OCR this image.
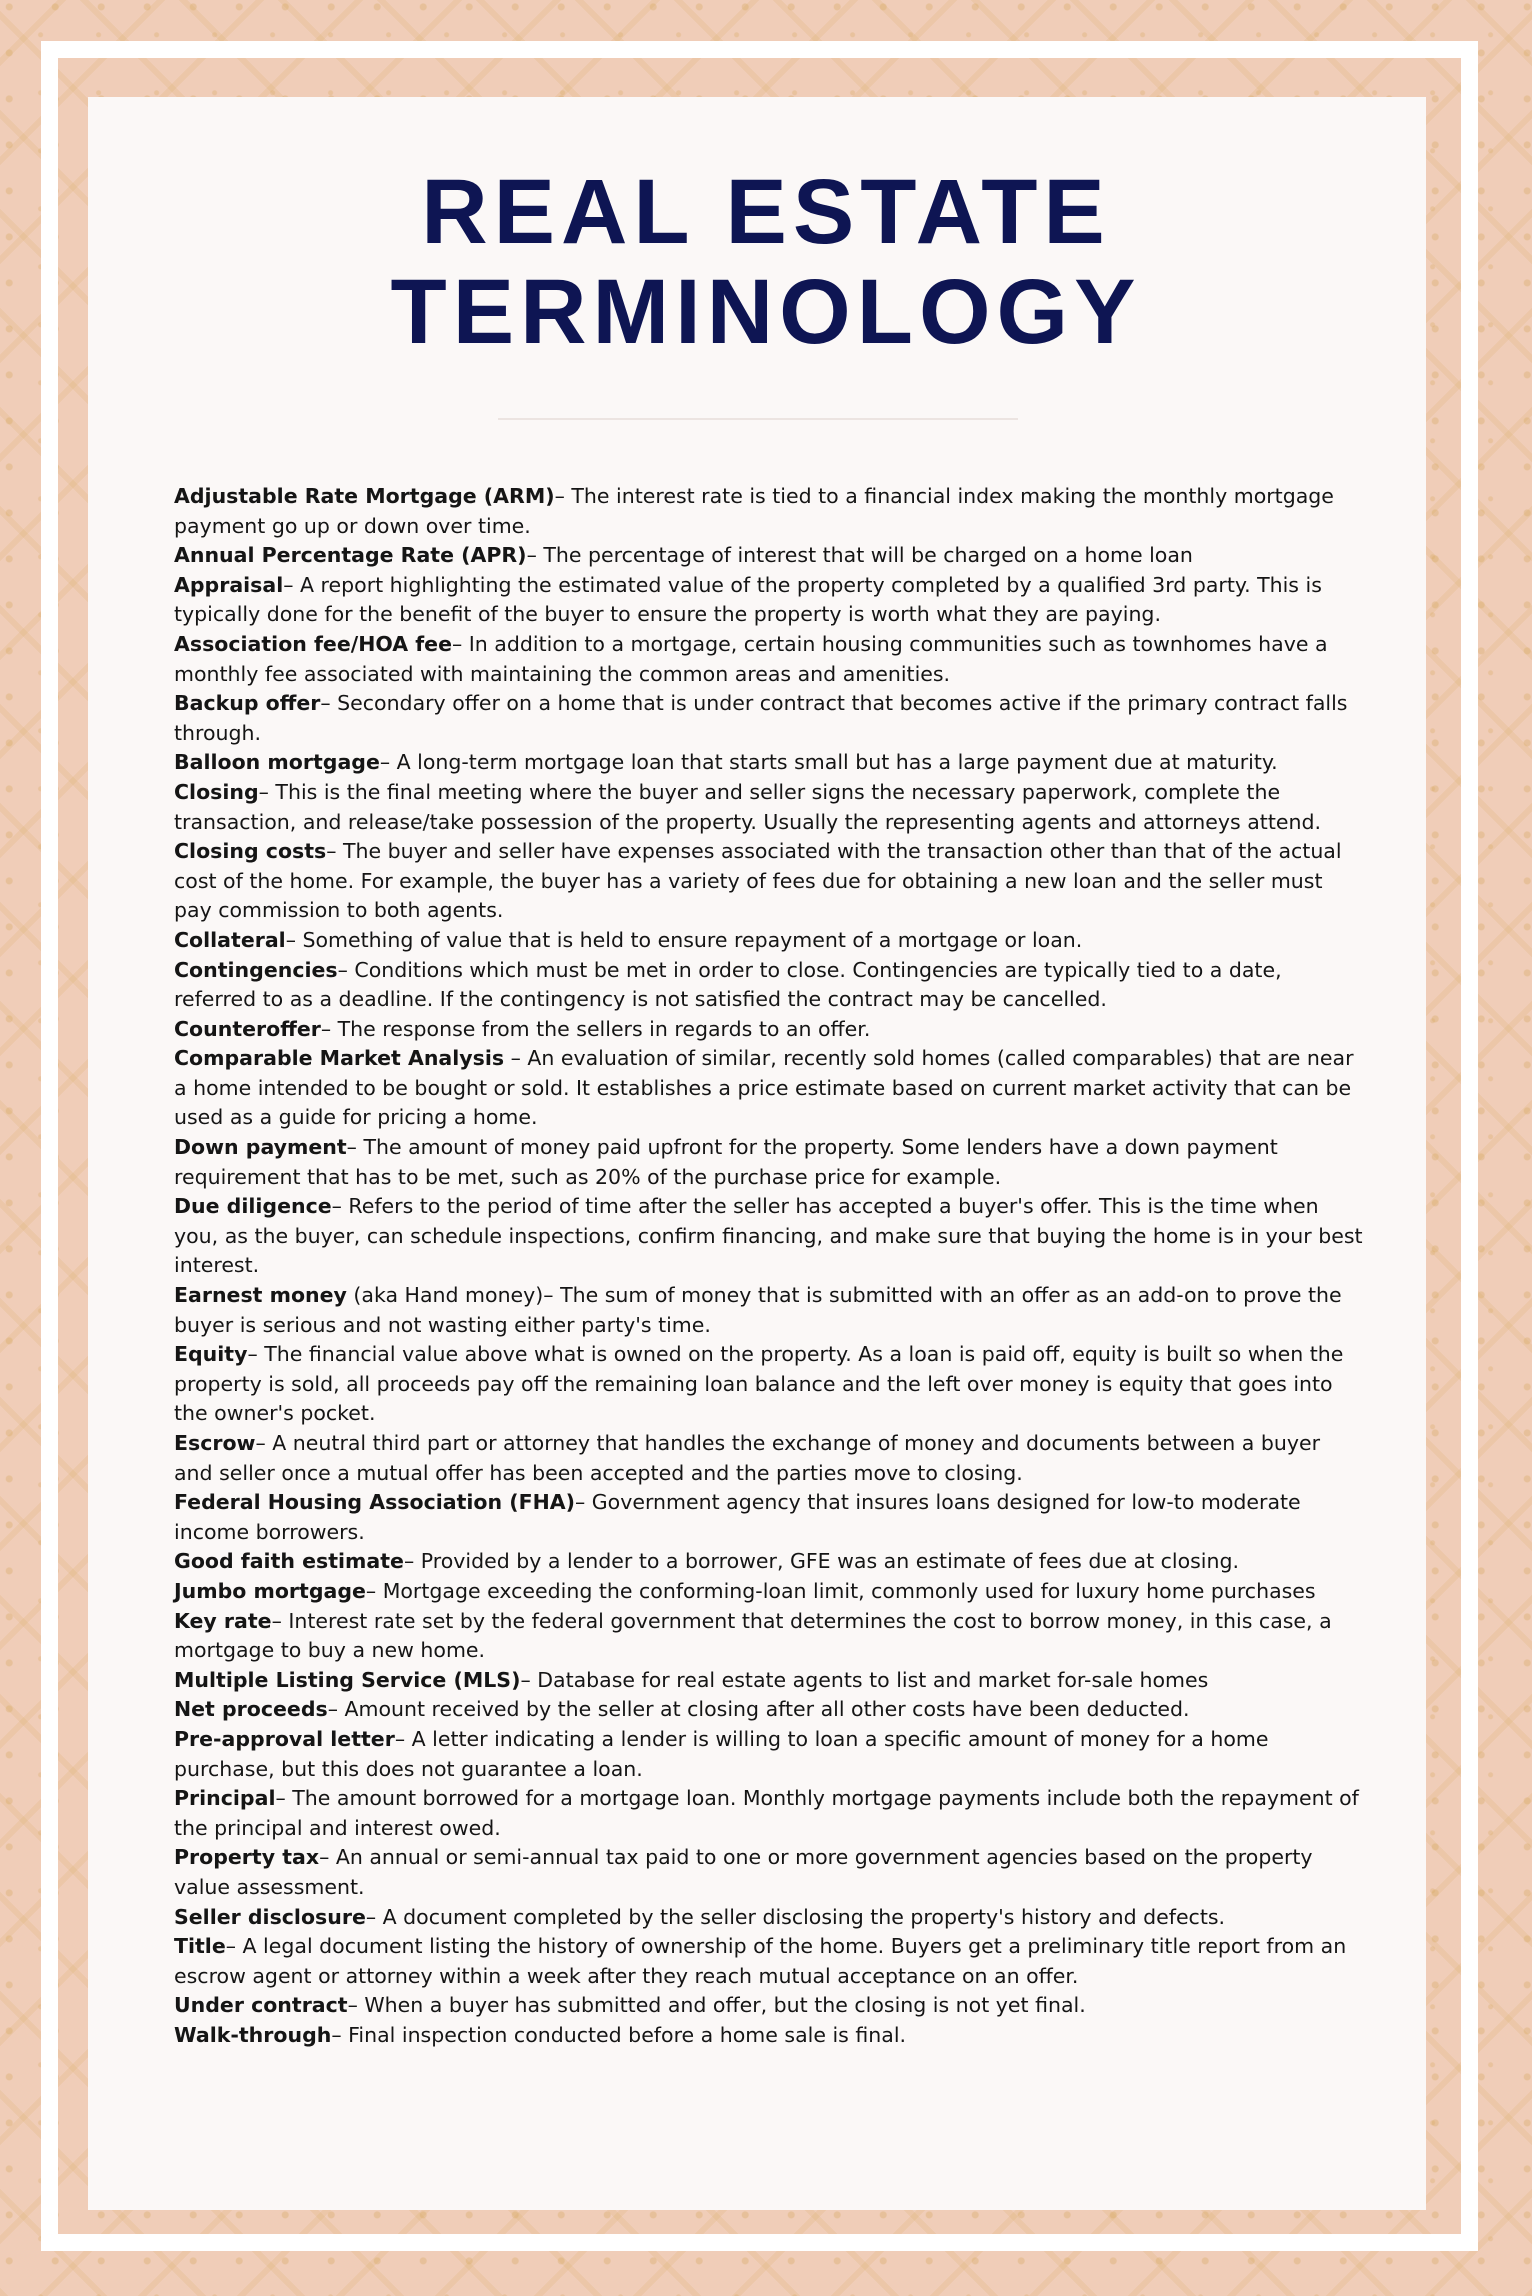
REAL ESTATE
TERMINOLOGY
Adjustable Rate Mortgage (ARM)– The interest rate is tied to a financial index making the monthly mortgage payment go up or down over time.
Annual Percentage Rate (APR)– The percentage of interest that will be charged on a home loan
Appraisal– A report highlighting the estimated value of the property completed by a qualified 3rd party. This is typically done for the benefit of the buyer to ensure the property is worth what they are paying.
Association fee/HOA fee– In addition to a mortgage, certain housing communities such as townhomes have a monthly fee associated with maintaining the common areas and amenities.
Backup offer– Secondary offer on a home that is under contract that becomes active if the primary contract falls through.
Balloon mortgage– A long-term mortgage loan that starts small but has a large payment due at maturity.
Closing– This is the final meeting where the buyer and seller signs the necessary paperwork, complete the transaction, and release/take possession of the property. Usually the representing agents and attorneys attend.
Closing costs– The buyer and seller have expenses associated with the transaction other than that of the actual cost of the home. For example, the buyer has a variety of fees due for obtaining a new loan and the seller must pay commission to both agents.
Collateral– Something of value that is held to ensure repayment of a mortgage or loan.
Contingencies– Conditions which must be met in order to close. Contingencies are typically tied to a date, referred to as a deadline. If the contingency is not satisfied the contract may be cancelled.
Counteroffer– The response from the sellers in regards to an offer.
Comparable Market Analysis – An evaluation of similar, recently sold homes (called comparables) that are near a home intended to be bought or sold. It establishes a price estimate based on current market activity that can be used as a guide for pricing a home.
Down payment– The amount of money paid upfront for the property. Some lenders have a down payment requirement that has to be met, such as 20% of the purchase price for example.
Due diligence– Refers to the period of time after the seller has accepted a buyer's offer. This is the time when you, as the buyer, can schedule inspections, confirm financing, and make sure that buying the home is in your best interest.
Earnest money (aka Hand money)– The sum of money that is submitted with an offer as an add-on to prove the buyer is serious and not wasting either party's time.
Equity– The financial value above what is owned on the property. As a loan is paid off, equity is built so when the property is sold, all proceeds pay off the remaining loan balance and the left over money is equity that goes into the owner's pocket.
Escrow– A neutral third part or attorney that handles the exchange of money and documents between a buyer and seller once a mutual offer has been accepted and the parties move to closing.
Federal Housing Association (FHA)– Government agency that insures loans designed for low-to moderate income borrowers.
Good faith estimate– Provided by a lender to a borrower, GFE was an estimate of fees due at closing.
Jumbo mortgage– Mortgage exceeding the conforming-loan limit, commonly used for luxury home purchases
Key rate– Interest rate set by the federal government that determines the cost to borrow money, in this case, a mortgage to buy a new home.
Multiple Listing Service (MLS)– Database for real estate agents to list and market for-sale homes
Net proceeds– Amount received by the seller at closing after all other costs have been deducted.
Pre-approval letter– A letter indicating a lender is willing to loan a specific amount of money for a home purchase, but this does not guarantee a loan.
Principal– The amount borrowed for a mortgage loan. Monthly mortgage payments include both the repayment of the principal and interest owed.
Property tax– An annual or semi-annual tax paid to one or more government agencies based on the property value assessment.
Seller disclosure– A document completed by the seller disclosing the property's history and defects.
Title– A legal document listing the history of ownership of the home. Buyers get a preliminary title report from an escrow agent or attorney within a week after they reach mutual acceptance on an offer.
Under contract– When a buyer has submitted and offer, but the closing is not yet final.
Walk-through– Final inspection conducted before a home sale is final.
